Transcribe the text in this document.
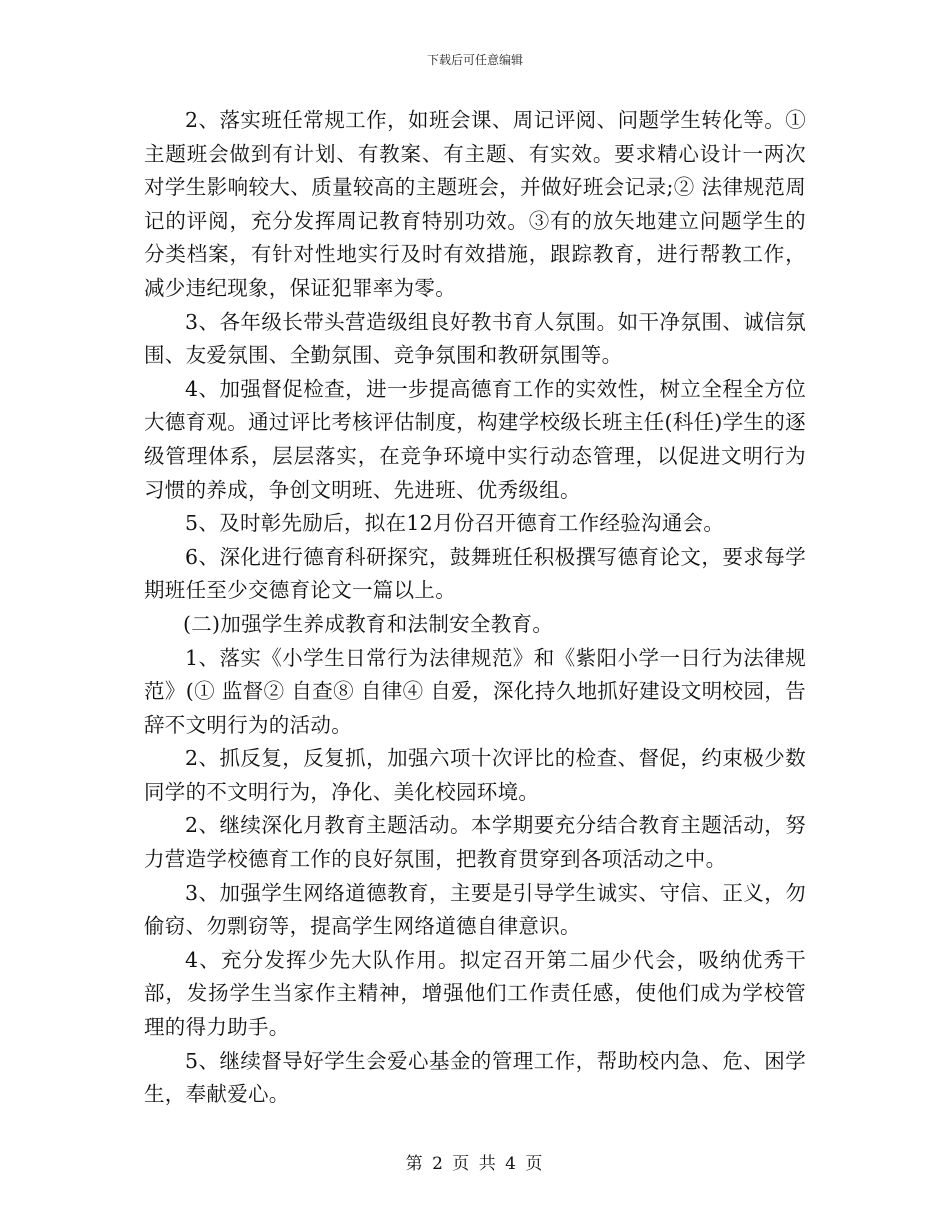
下载后可任意编辑

2、落实班任常规工作，如班会课、周记评阅、问题学生转化等。①主题班会做到有计划、有教案、有主题、有实效。要求精心设计一两次对学生影响较大、质量较高的主题班会，并做好班会记录;② 法律规范周记的评阅，充分发挥周记教育特别功效。③有的放矢地建立问题学生的分类档案，有针对性地实行及时有效措施，跟踪教育，进行帮教工作，减少违纪现象，保证犯罪率为零。

3、各年级长带头营造级组良好教书育人氛围。如干净氛围、诚信氛围、友爱氛围、全勤氛围、竞争氛围和教研氛围等。

4、加强督促检查，进一步提高德育工作的实效性，树立全程全方位大德育观。通过评比考核评估制度，构建学校级长班主任(科任)学生的逐级管理体系，层层落实，在竞争环境中实行动态管理，以促进文明行为习惯的养成，争创文明班、先进班、优秀级组。

5、及时彰先励后，拟在12月份召开德育工作经验沟通会。

6、深化进行德育科研探究，鼓舞班任积极撰写德育论文，要求每学期班任至少交德育论文一篇以上。

(二)加强学生养成教育和法制安全教育。

1、落实《小学生日常行为法律规范》和《紫阳小学一日行为法律规范》(① 监督② 自查⑧ 自律④ 自爱，深化持久地抓好建设文明校园，告辞不文明行为的活动。

2、抓反复，反复抓，加强六项十次评比的检查、督促，约束极少数同学的不文明行为，净化、美化校园环境。

2、继续深化月教育主题活动。本学期要充分结合教育主题活动，努力营造学校德育工作的良好氛围，把教育贯穿到各项活动之中。

3、加强学生网络道德教育，主要是引导学生诚实、守信、正义，勿偷窃、勿剽窃等，提高学生网络道德自律意识。

4、充分发挥少先大队作用。拟定召开第二届少代会，吸纳优秀干部，发扬学生当家作主精神，增强他们工作责任感，使他们成为学校管理的得力助手。

5、继续督导好学生会爱心基金的管理工作，帮助校内急、危、困学生，奉献爱心。

第 2 页 共 4 页
